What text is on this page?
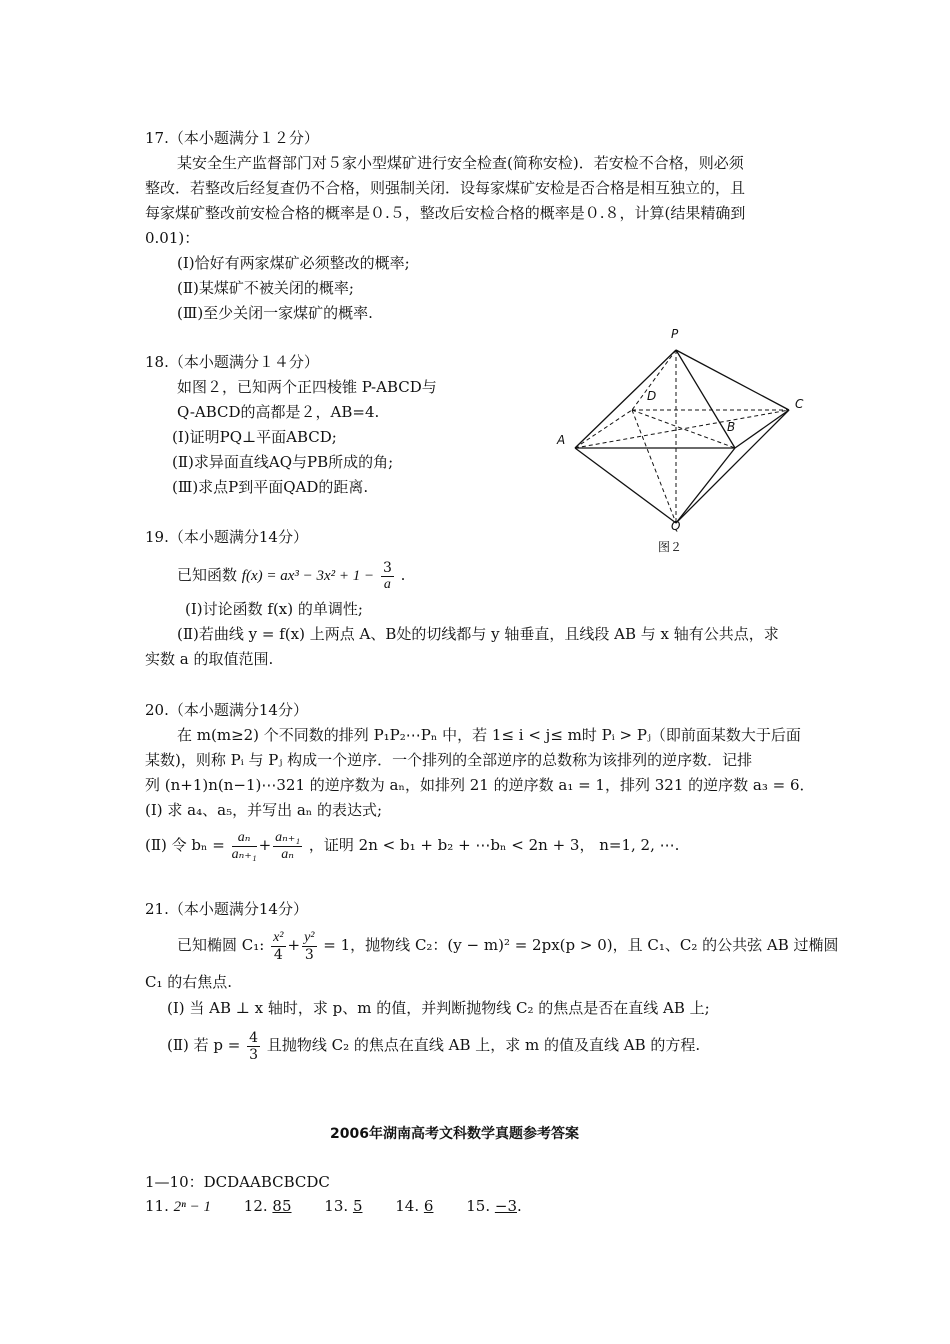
17.（本小题满分１２分）
某安全生产监督部门对５家小型煤矿进行安全检查(简称安检)．若安检不合格，则必须
整改．若整改后经复查仍不合格，则强制关闭．设每家煤矿安检是否合格是相互独立的，且
每家煤矿整改前安检合格的概率是０.５，整改后安检合格的概率是０.８，计算(结果精确到
0.01)：
(Ⅰ)恰好有两家煤矿必须整改的概率;
(Ⅱ)某煤矿不被关闭的概率;
(Ⅲ)至少关闭一家煤矿的概率.
18.（本小题满分１４分）
如图２，已知两个正四棱锥 P-ABCD与
Q-ABCD的高都是２，AB=4.
(Ⅰ)证明PQ⊥平面ABCD;
(Ⅱ)求异面直线AQ与PB所成的角;
(Ⅲ)求点P到平面QAD的距离.
P
A
B
C
D
Q
图２
19.（本小题满分14分）
已知函数 $f(x) = ax^3 - 3x^2 + 1 - \frac{3}{a}$ .
(Ⅰ)讨论函数 f(x) 的单调性;
(Ⅱ)若曲线 y = f(x) 上两点 A、B处的切线都与 y 轴垂直，且线段 AB 与 x 轴有公共点，求
实数 a 的取值范围.
20.（本小题满分14分）
在 m(m≥2) 个不同数的排列 P₁P₂⋯Pₙ 中，若 1≤ i < j≤ m时 Pᵢ > Pⱼ（即前面某数大于后面
某数)，则称 Pᵢ 与 Pⱼ 构成一个逆序．一个排列的全部逆序的总数称为该排列的逆序数．记排
列 (n+1)n(n−1)⋯321 的逆序数为 aₙ，如排列 21 的逆序数 a₁ = 1，排列 321 的逆序数 a₃ = 6．
(Ⅰ) 求 a₄、a₅，并写出 aₙ 的表达式;
(Ⅱ) 令 $b_n = \frac{\text{aₙ}}{\text{aₙ₊₁}} + \frac{\text{aₙ₊₁}}{\text{aₙ}}$ ，证明 2n < b₁ + b₂ + ⋯bₙ < 2n + 3， n=1, 2, ⋯.
21.（本小题满分14分）
已知椭圆 C₁: $\frac{\text{x²}}{4} + \frac{\text{y²}}{3} = 1$，抛物线 C₂：(y − m)² = 2px(p > 0)，且 C₁、C₂ 的公共弦 AB 过椭圆
C₁ 的右焦点.
(Ⅰ) 当 AB ⊥ x 轴时，求 p、m 的值，并判断抛物线 C₂ 的焦点是否在直线 AB 上;
(Ⅱ) 若 $p = \frac{4}{3}$ 且抛物线 C₂ 的焦点在直线 AB 上，求 m 的值及直线 AB 的方程.
2006年湖南高考文科数学真题参考答案
1—10：DCDAABCBCDC
11. 2ⁿ − 1 12. 85 13. 5 14. 6 15. −3.
